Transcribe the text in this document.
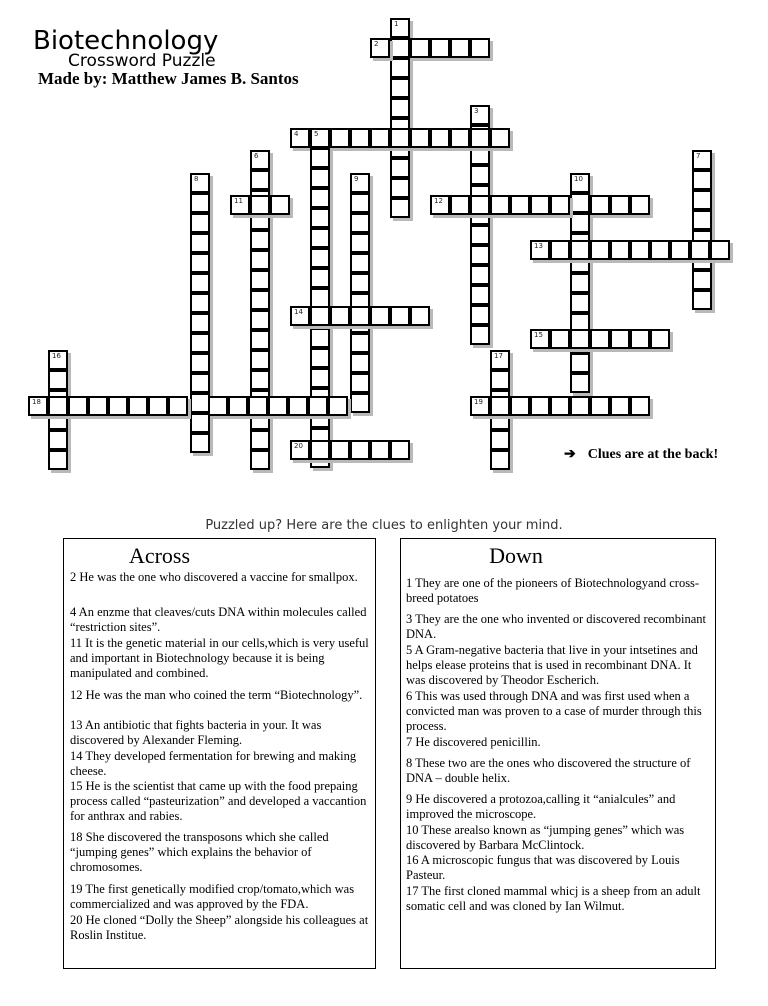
Biotechnology
Crossword Puzzle
Made by: Matthew James B. Santos
1
2
3
4 5
6	7
8	9	10
11	12
13
14
15
16	17
18	19
20
➔ Clues are at the back!
Puzzled up? Here are the clues to enlighten your mind.
Across

2 He was the one who discovered a vaccine for smallpox.

4 An enzme that cleaves/cuts DNA within molecules called “restriction sites”.

11 It is the genetic material in our cells,which is very useful and important in Biotechnology because it is being manipulated and combined.

12 He was the man who coined the term “Biotechnology”.

13 An antibiotic that fights bacteria in your. It was discovered by Alexander Fleming.

14 They developed fermentation for brewing and making cheese.

15 He is the scientist that came up with the food prepaing process called “pasteurization” and developed a vaccantion for anthrax and rabies.

18 She discovered the transposons which she called “jumping genes” which explains the behavior of chromosomes.

19 The first genetically modified crop/tomato,which was commercialized and was approved by the FDA.

20 He cloned “Dolly the Sheep” alongside his colleagues at Roslin Institue.

Down

1 They are one of the pioneers of Biotechnologyand cross-breed potatoes

3 They are the one who invented or discovered recombinant DNA.

5 A Gram-negative bacteria that live in your intsetines and helps elease proteins that is used in recombinant DNA. It was discovered by Theodor Escherich.

6 This was used through DNA and was first used when a convicted man was proven to a case of murder through this process.

7 He discovered penicillin.

8 These two are the ones who discovered the structure of DNA – double helix.

9 He discovered a protozoa,calling it “anialcules” and improved the microscope.

10 These arealso known as “jumping genes” which was discovered by Barbara McClintock.

16 A microscopic fungus that was discovered by Louis Pasteur.

17 The first cloned mammal whicj is a sheep from an adult somatic cell and was cloned by Ian Wilmut.
